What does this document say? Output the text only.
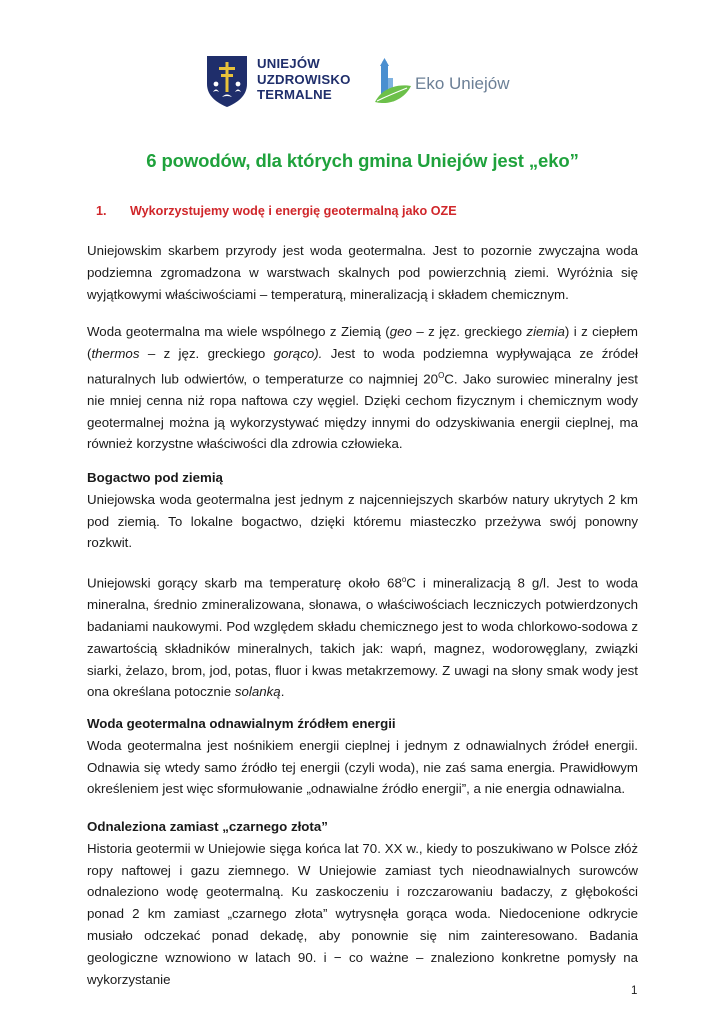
UNIEJÓW
UZDROWISKO
TERMALNE
Eko Uniejów
6 powodów, dla których gmina Uniejów jest „eko”
1.	Wykorzystujemy wodę i energię geotermalną jako OZE

Uniejowskim skarbem przyrody jest woda geotermalna. Jest to pozornie zwyczajna woda podziemna zgromadzona w warstwach skalnych pod powierzchnią ziemi. Wyróżnia się wyjątkowymi właściwościami – temperaturą, mineralizacją i składem chemicznym.

Woda geotermalna ma wiele wspólnego z Ziemią (geo – z jęz. greckiego ziemia) i z ciepłem (thermos – z jęz. greckiego gorąco). Jest to woda podziemna wypływająca ze źródeł naturalnych lub odwiertów, o temperaturze co najmniej $20^OC$. Jako surowiec mineralny jest nie mniej cenna niż ropa naftowa czy węgiel. Dzięki cechom fizycznym i chemicznym wody geotermalnej można ją wykorzystywać między innymi do odzyskiwania energii cieplnej, ma również korzystne właściwości dla zdrowia człowieka.

Bogactwo pod ziemią

Uniejowska woda geotermalna jest jednym z najcenniejszych skarbów natury ukrytych 2 km pod ziemią. To lokalne bogactwo, dzięki któremu miasteczko przeżywa swój ponowny rozkwit.

Uniejowski gorący skarb ma temperaturę około 68$^o$C i mineralizacją 8 g/l. Jest to woda mineralna, średnio zmineralizowana, słonawa, o właściwościach leczniczych potwierdzonych badaniami naukowymi. Pod względem składu chemicznego jest to woda chlorkowo-sodowa z zawartością składników mineralnych, takich jak: wapń, magnez, wodorowęglany, związki siarki, żelazo, brom, jod, potas, fluor i kwas metakrzemowy. Z uwagi na słony smak wody jest ona określana potocznie solanką.

Woda geotermalna odnawialnym źródłem energii

Woda geotermalna jest nośnikiem energii cieplnej i jednym z odnawialnych źródeł energii. Odnawia się wtedy samo źródło tej energii (czyli woda), nie zaś sama energia. Prawidłowym określeniem jest więc sformułowanie „odnawialne źródło energii”, a nie energia odnawialna.

Odnaleziona zamiast „czarnego złota”

Historia geotermii w Uniejowie sięga końca lat 70. XX w., kiedy to poszukiwano w Polsce złóż ropy naftowej i gazu ziemnego. W Uniejowie zamiast tych nieodnawialnych surowców odnaleziono wodę geotermalną. Ku zaskoczeniu i rozczarowaniu badaczy, z głębokości ponad 2 km zamiast „czarnego złota” wytrysnęła gorąca woda. Niedocenione odkrycie musiało odczekać ponad dekadę, aby ponownie się nim zainteresowano. Badania geologiczne wznowiono w latach 90. i − co ważne – znaleziono konkretne pomysły na wykorzystanie

1
